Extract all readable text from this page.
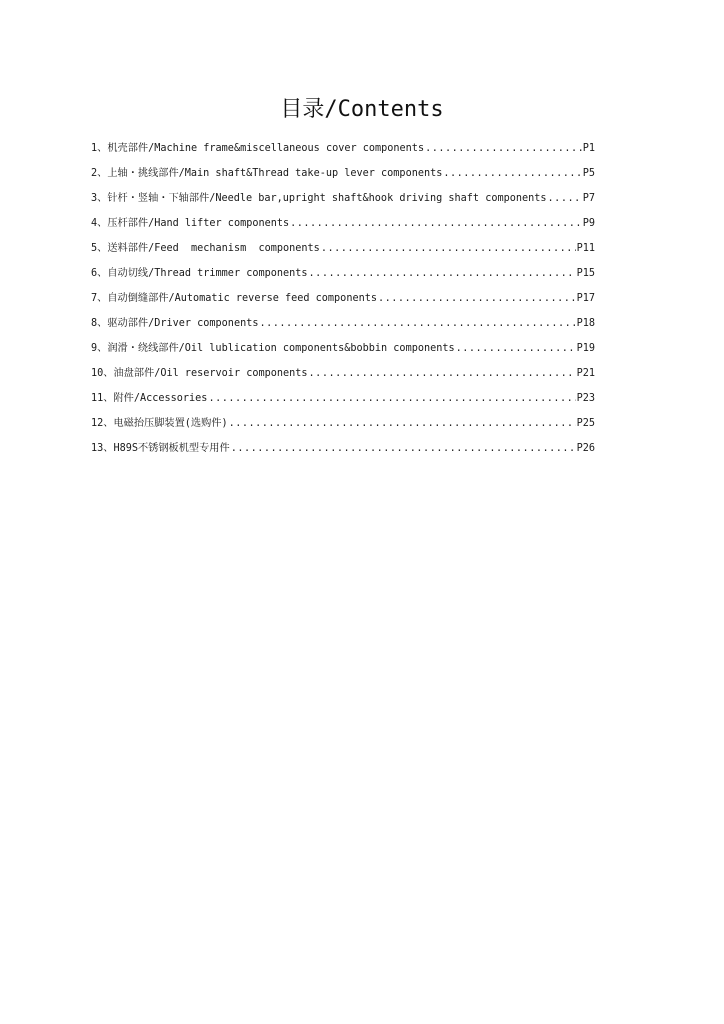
目录/Contents
1、机壳部件/Machine frame&miscellaneous cover components .....	P1
2、上轴・挑线部件/Main shaft&Thread take-up lever components .....	P5
3、针杆・竖轴・下轴部件/Needle bar,upright shaft&hook driving shaft components .....	P7
4、压杆部件/Hand lifter components .....	P9
5、送料部件/Feed  mechanism  components .....	P11
6、自动切线/Thread trimmer components .....	P15
7、自动倒缝部件/Automatic reverse feed components .....	P17
8、驱动部件/Driver components .....	P18
9、润滑・绕线部件/Oil lublication components&bobbin components .....	P19
10、油盘部件/Oil reservoir components .....	P21
11、附件/Accessories .....	P23
12、电磁抬压脚装置(选购件) .....	P25
13、H89S不锈钢板机型专用件 .....	P26
